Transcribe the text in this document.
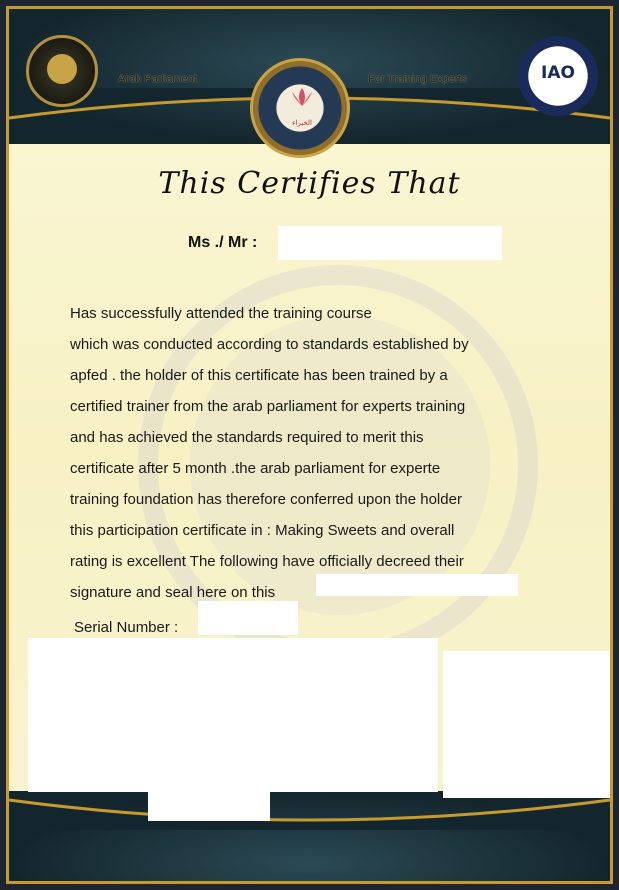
Arab Parliament
الخبراء
For Training Experts	IAO
This Certifies That
Ms ./ Mr :
Has successfully attended the training course
which was conducted according to standards established by
apfed . the holder of this certificate has been trained by a
certified trainer from the arab parliament for experts training
and has achieved the standards required to merit this
certificate after 5 month .the arab parliament for experte
training foundation has therefore conferred upon the holder
this participation certificate in : Making Sweets and overall
rating is excellent The following have officially decreed their
signature and seal here on this
Serial Number :
